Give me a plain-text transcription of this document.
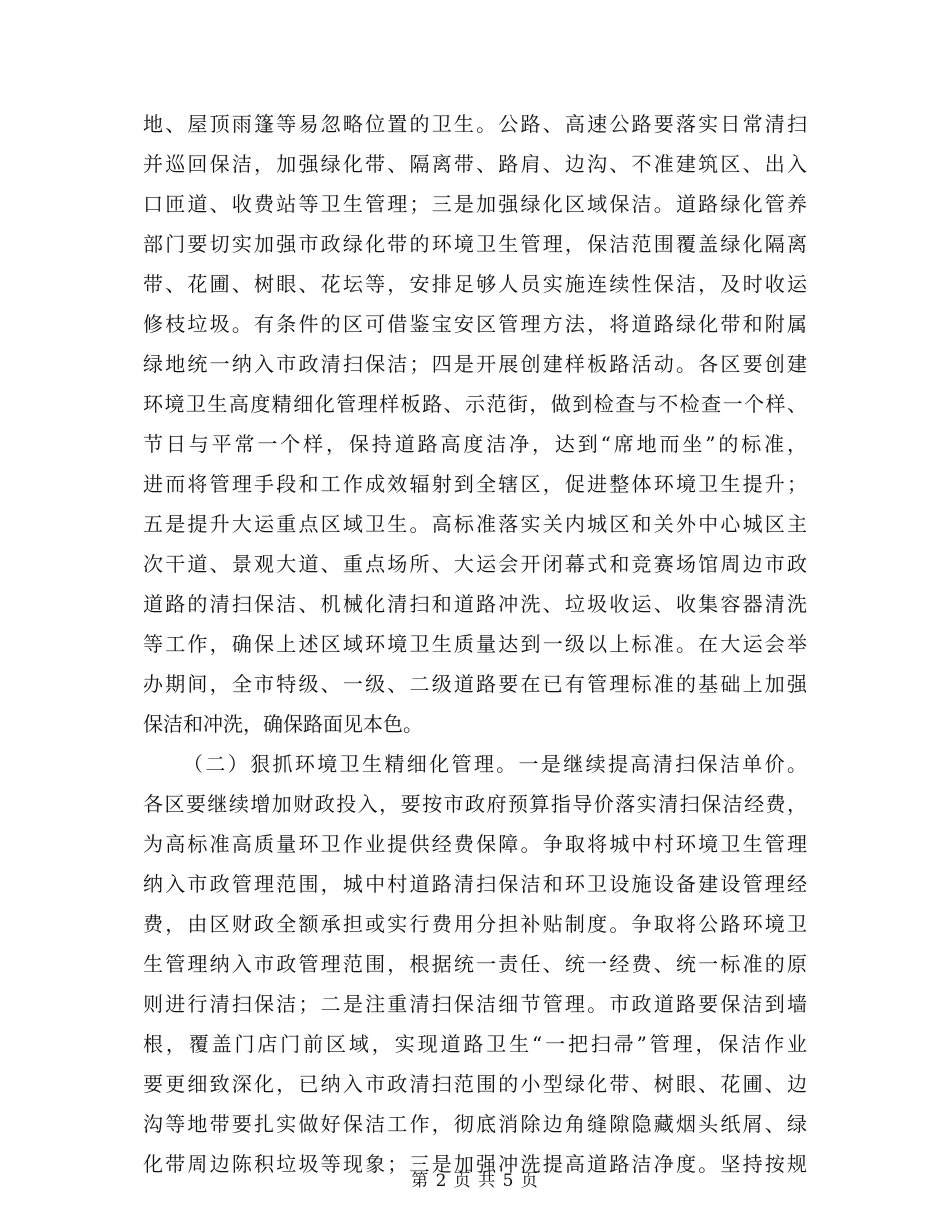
地、屋顶雨篷等易忽略位置的卫生。公路、高速公路要落实日常清扫
并巡回保洁，加强绿化带、隔离带、路肩、边沟、不准建筑区、出入
口匝道、收费站等卫生管理；三是加强绿化区域保洁。道路绿化管养
部门要切实加强市政绿化带的环境卫生管理，保洁范围覆盖绿化隔离
带、花圃、树眼、花坛等，安排足够人员实施连续性保洁，及时收运
修枝垃圾。有条件的区可借鉴宝安区管理方法，将道路绿化带和附属
绿地统一纳入市政清扫保洁；四是开展创建样板路活动。各区要创建
环境卫生高度精细化管理样板路、示范街，做到检查与不检查一个样、
节日与平常一个样，保持道路高度洁净，达到“席地而坐”的标准，
进而将管理手段和工作成效辐射到全辖区，促进整体环境卫生提升；
五是提升大运重点区域卫生。高标准落实关内城区和关外中心城区主
次干道、景观大道、重点场所、大运会开闭幕式和竞赛场馆周边市政
道路的清扫保洁、机械化清扫和道路冲洗、垃圾收运、收集容器清洗
等工作，确保上述区域环境卫生质量达到一级以上标准。在大运会举
办期间，全市特级、一级、二级道路要在已有管理标准的基础上加强
保洁和冲洗，确保路面见本色。
（二）狠抓环境卫生精细化管理。一是继续提高清扫保洁单价。
各区要继续增加财政投入，要按市政府预算指导价落实清扫保洁经费，
为高标准高质量环卫作业提供经费保障。争取将城中村环境卫生管理
纳入市政管理范围，城中村道路清扫保洁和环卫设施设备建设管理经
费，由区财政全额承担或实行费用分担补贴制度。争取将公路环境卫
生管理纳入市政管理范围，根据统一责任、统一经费、统一标准的原
则进行清扫保洁；二是注重清扫保洁细节管理。市政道路要保洁到墙
根，覆盖门店门前区域，实现道路卫生“一把扫帚”管理，保洁作业
要更细致深化，已纳入市政清扫范围的小型绿化带、树眼、花圃、边
沟等地带要扎实做好保洁工作，彻底消除边角缝隙隐藏烟头纸屑、绿
化带周边陈积垃圾等现象；三是加强冲洗提高道路洁净度。坚持按规
第 2 页 共 5 页
